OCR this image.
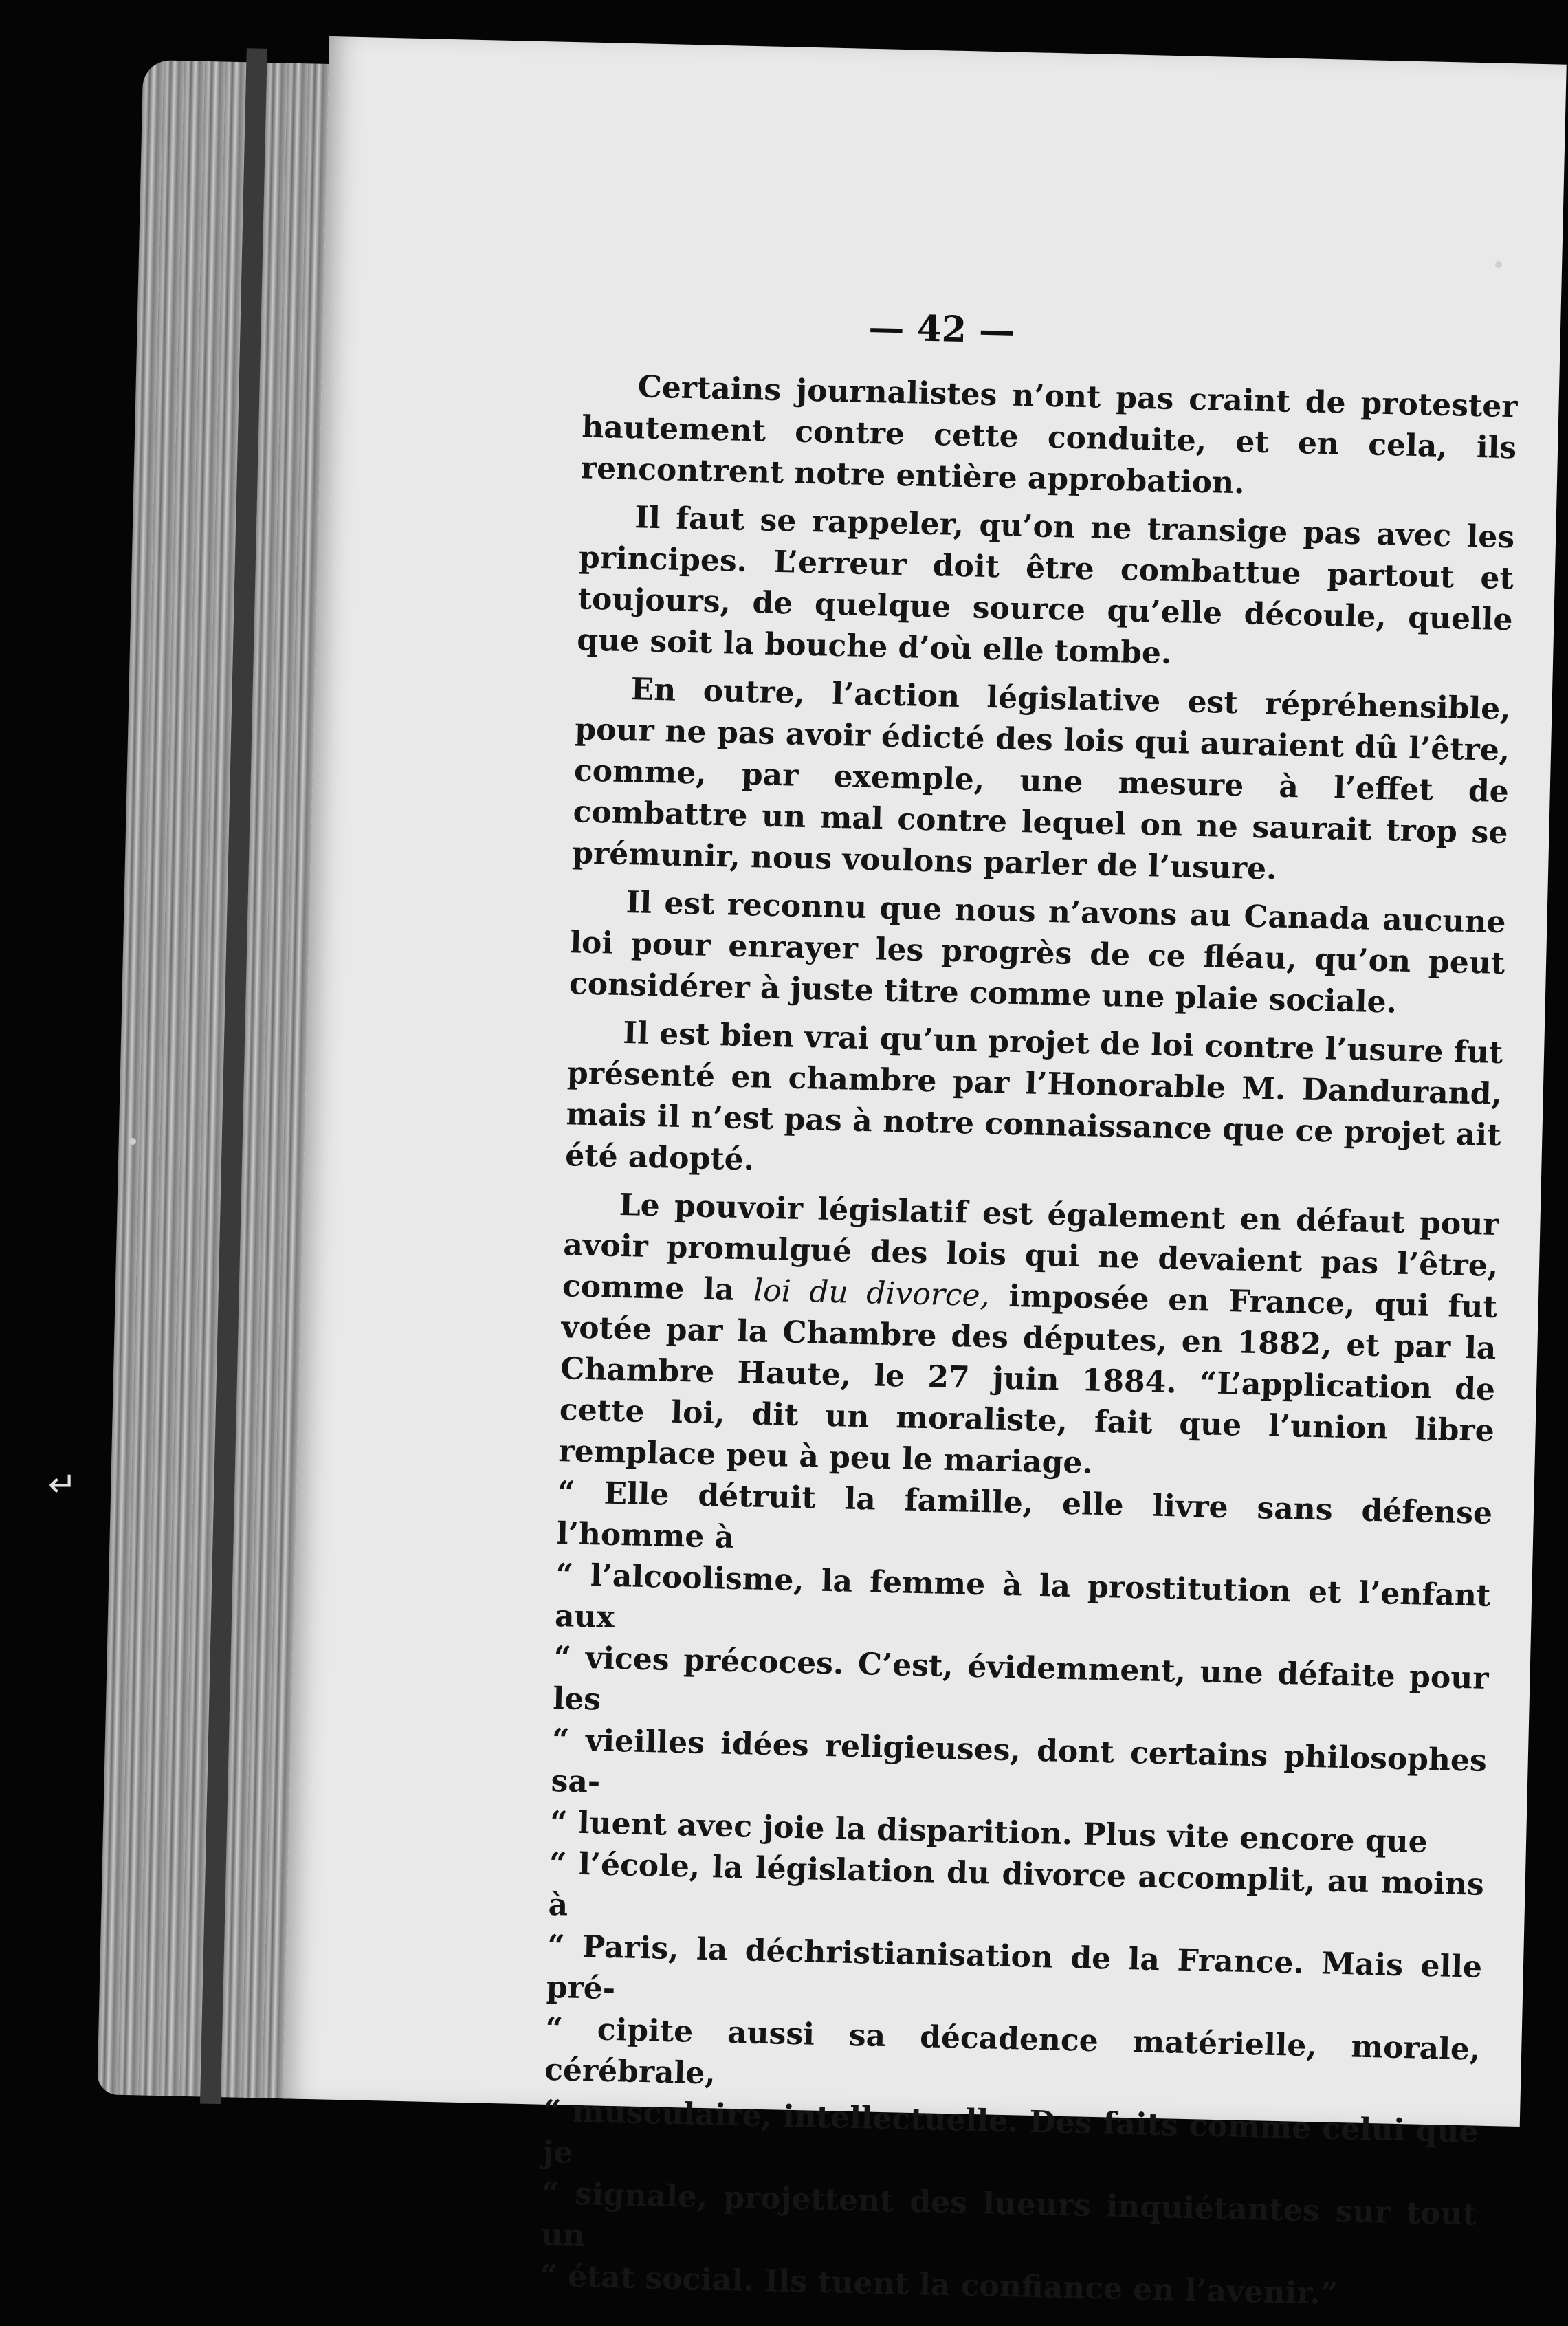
— 42 —

Certains journalistes n’ont pas craint de protester hautement contre cette conduite, et en cela, ils rencontrent notre entière approbation.

Il faut se rappeler, qu’on ne transige pas avec les principes. L’erreur doit être combattue partout et toujours, de quelque source qu’elle découle, quelle que soit la bouche d’où elle tombe.

En outre, l’action législative est répréhensible, pour ne pas avoir édicté des lois qui auraient dû l’être, comme, par exemple, une mesure à l’effet de combattre un mal contre lequel on ne saurait trop se prémunir, nous voulons parler de l’usure.

Il est reconnu que nous n’avons au Canada aucune loi pour enrayer les progrès de ce fléau, qu’on peut considérer à juste titre comme une plaie sociale.

Il est bien vrai qu’un projet de loi contre l’usure fut présenté en chambre par l’Honorable M. Dandurand, mais il n’est pas à notre connaissance que ce projet ait été adopté.

Le pouvoir législatif est également en défaut pour avoir promulgué des lois qui ne devaient pas l’être, comme la loi du divorce, imposée en France, qui fut votée par la Chambre des députes, en 1882, et par la Chambre Haute, le 27 juin 1884. “L’application de cette loi, dit un moraliste, fait que l’union libre remplace peu à peu le mariage.
“ Elle détruit la famille, elle livre sans défense l’homme à
“ l’alcoolisme, la femme à la prostitution et l’enfant aux
“ vices précoces. C’est, évidemment, une défaite pour les
“ vieilles idées religieuses, dont certains philosophes sa-
“ luent avec joie la disparition. Plus vite encore que
“ l’école, la législation du divorce accomplit, au moins à
“ Paris, la déchristianisation de la France. Mais elle pré-
“ cipite aussi sa décadence matérielle, morale, cérébrale,
“ musculaire, intellectuelle. Des faits comme celui que je
“ signale, projettent des lueurs inquiétantes sur tout un
“ état social. Ils tuent la confiance en l’avenir.”

↵
